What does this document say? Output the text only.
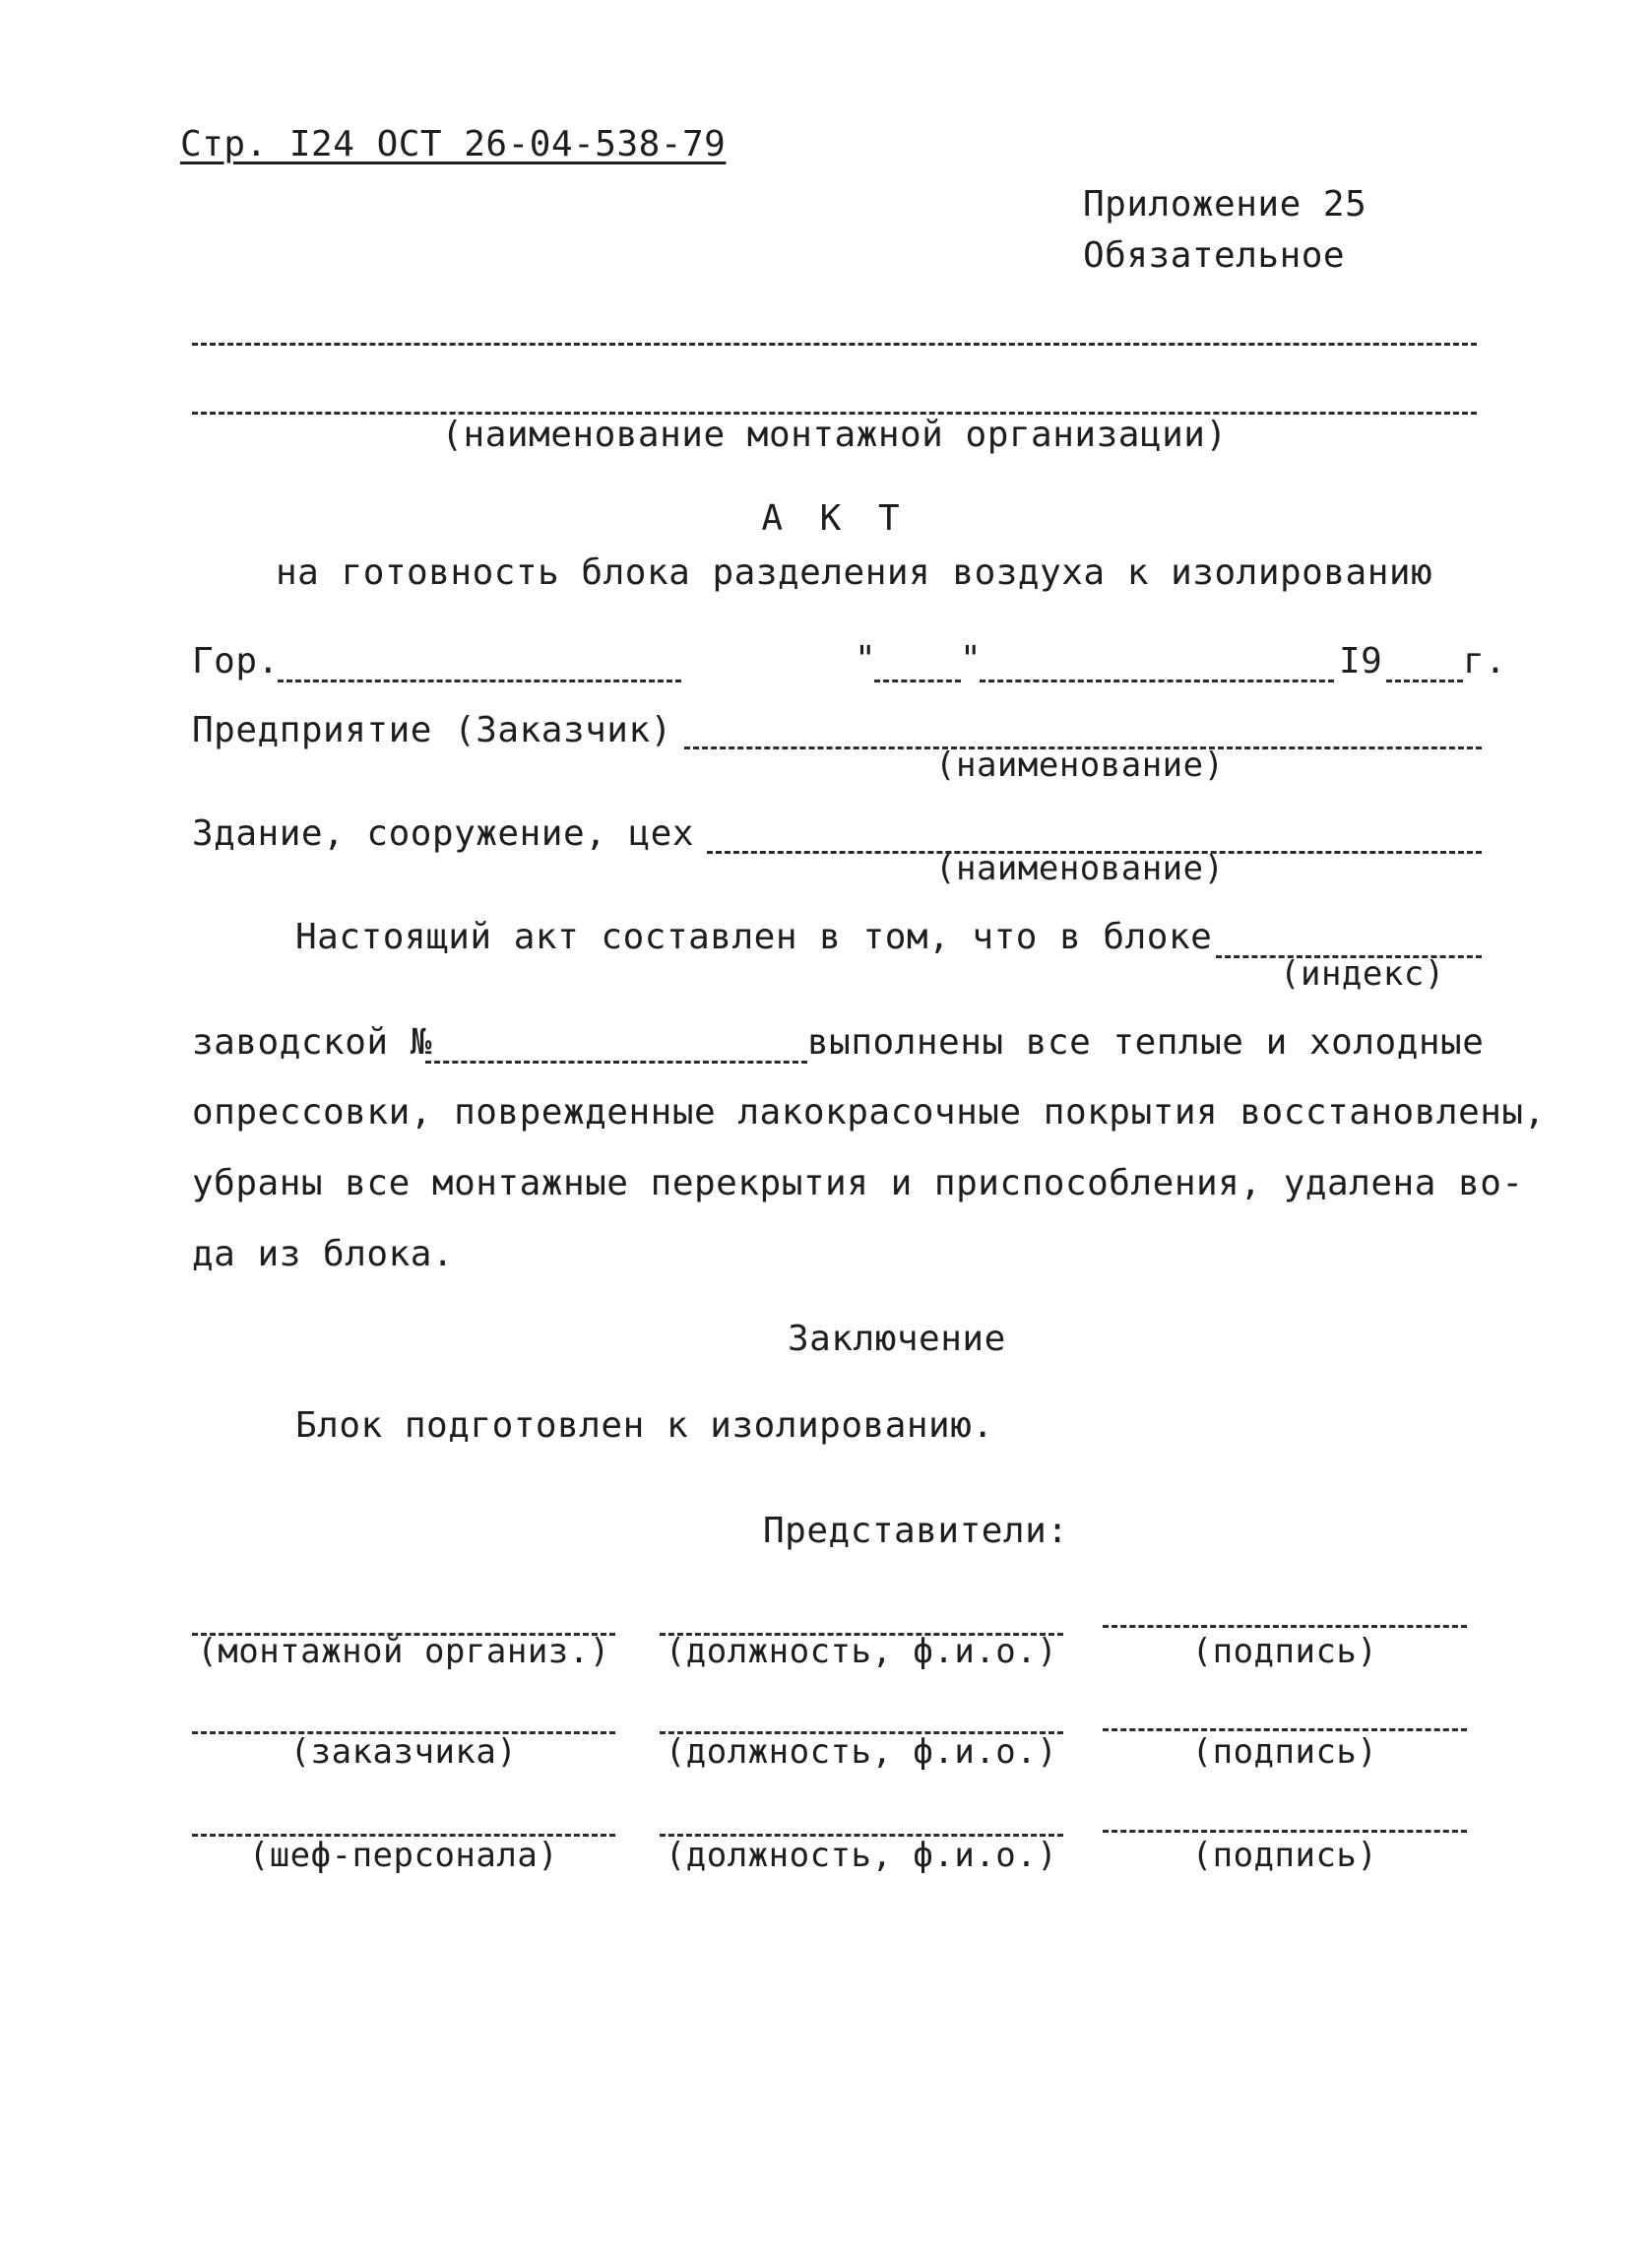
Стр. I24 ОСТ 26-04-538-79
Приложение 25
Обязательное
(наименование монтажной организации)
А К Т
на готовность блока разделения воздуха к изолированию
Гор.	" "	I9 г.
Предприятие (Заказчик)
(наименование)
Здание, сооружение, цех
(наименование)
Настоящий акт составлен в том, что в блоке
(индекс)
заводской №	выполнены все теплые и холодные
опрессовки, поврежденные лакокрасочные покрытия восстановлены,
убраны все монтажные перекрытия и приспособления, удалена во-
да из блока.
Заключение
Блок подготовлен к изолированию.
Представители:
(монтажной организ.)	(должность, ф.и.о.)	(подпись)
(заказчика)	(должность, ф.и.о.)	(подпись)
(шеф-персонала)	(должность, ф.и.о.)	(подпись)
